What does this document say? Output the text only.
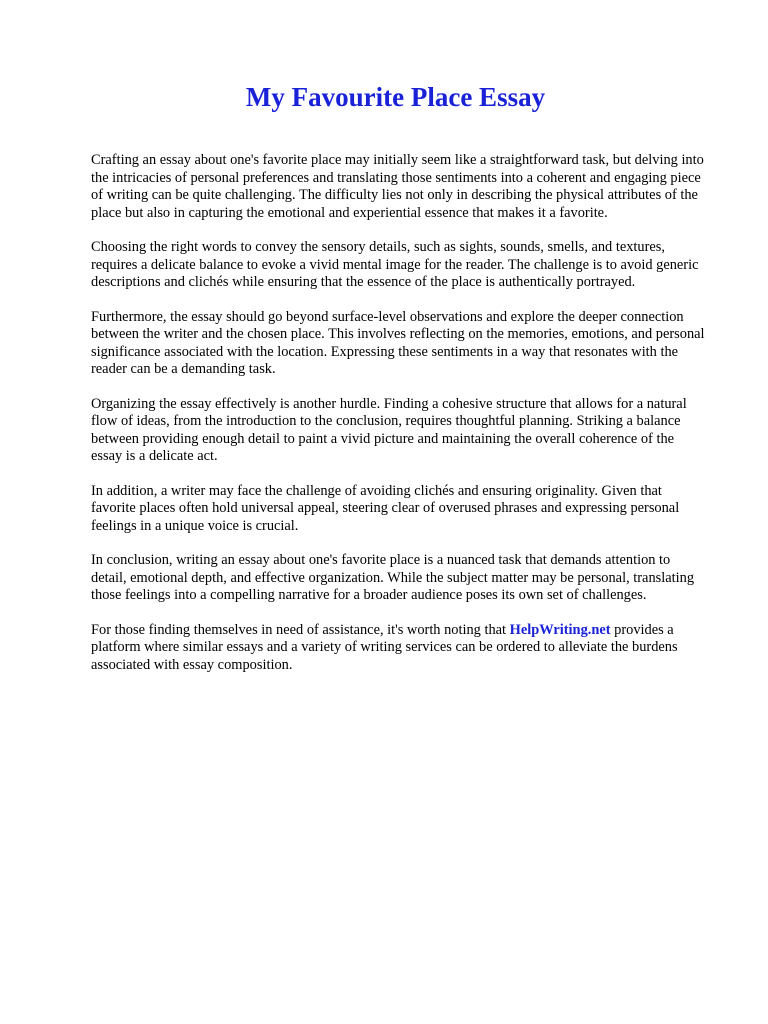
My Favourite Place Essay

Crafting an essay about one's favorite place may initially seem like a straightforward task, but delving into the intricacies of personal preferences and translating those sentiments into a coherent and engaging piece of writing can be quite challenging. The difficulty lies not only in describing the physical attributes of the place but also in capturing the emotional and experiential essence that makes it a favorite.

Choosing the right words to convey the sensory details, such as sights, sounds, smells, and textures, requires a delicate balance to evoke a vivid mental image for the reader. The challenge is to avoid generic descriptions and clichés while ensuring that the essence of the place is authentically portrayed.

Furthermore, the essay should go beyond surface-level observations and explore the deeper connection between the writer and the chosen place. This involves reflecting on the memories, emotions, and personal significance associated with the location. Expressing these sentiments in a way that resonates with the reader can be a demanding task.

Organizing the essay effectively is another hurdle. Finding a cohesive structure that allows for a natural flow of ideas, from the introduction to the conclusion, requires thoughtful planning. Striking a balance between providing enough detail to paint a vivid picture and maintaining the overall coherence of the essay is a delicate act.

In addition, a writer may face the challenge of avoiding clichés and ensuring originality. Given that favorite places often hold universal appeal, steering clear of overused phrases and expressing personal feelings in a unique voice is crucial.

In conclusion, writing an essay about one's favorite place is a nuanced task that demands attention to detail, emotional depth, and effective organization. While the subject matter may be personal, translating those feelings into a compelling narrative for a broader audience poses its own set of challenges.

For those finding themselves in need of assistance, it's worth noting that HelpWriting.net provides a platform where similar essays and a variety of writing services can be ordered to alleviate the burdens associated with essay composition.
